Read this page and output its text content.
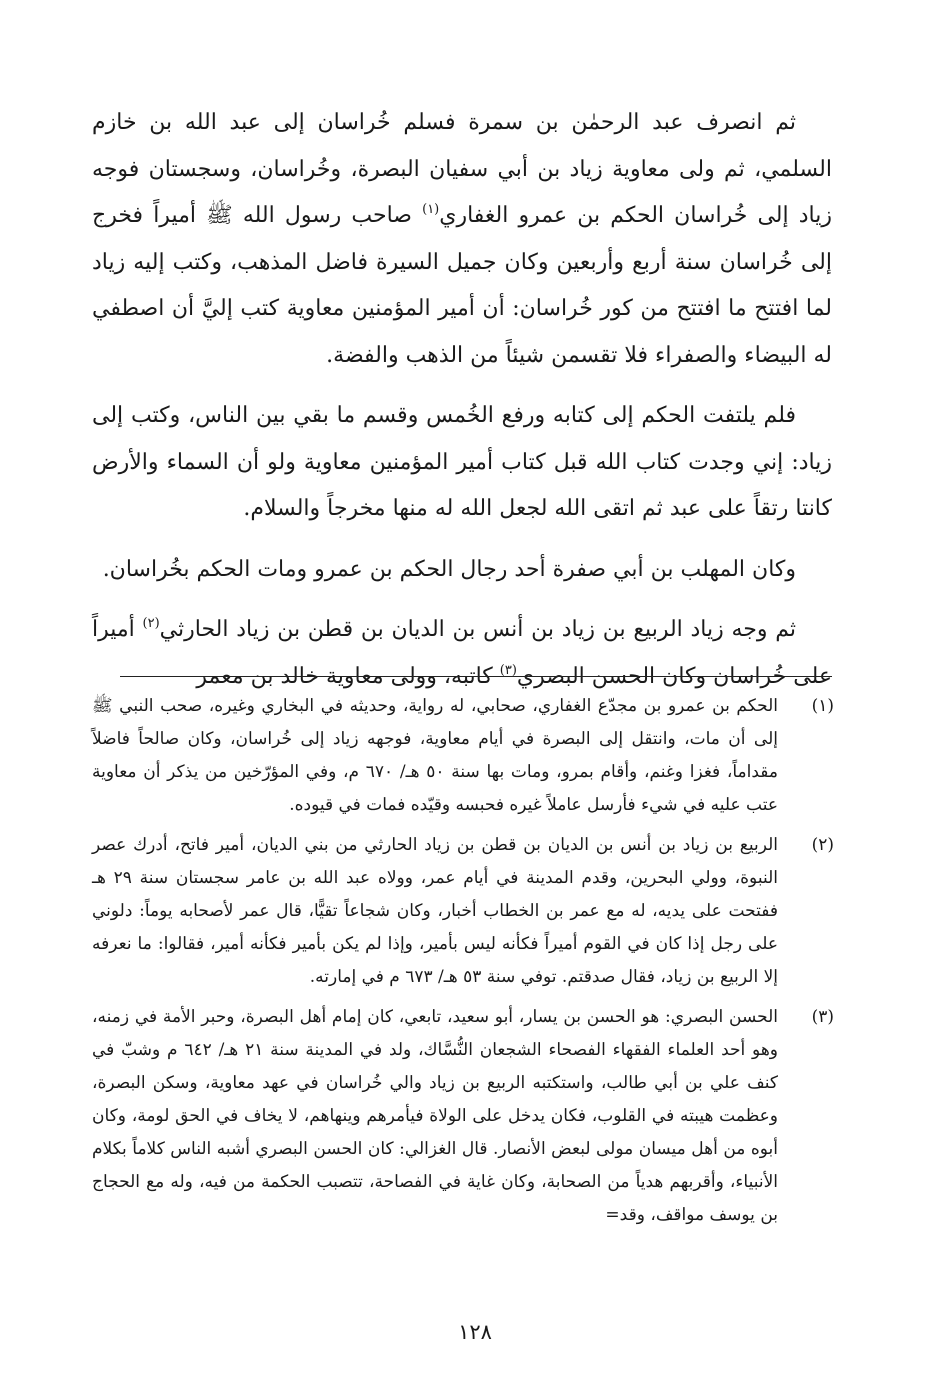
ثم انصرف عبد الرحمٰن بن سمرة فسلم خُراسان إلى عبد الله بن خازم السلمي، ثم ولى معاوية زياد بن أبي سفيان البصرة، وخُراسان، وسجستان فوجه زياد إلى خُراسان الحكم بن عمرو الغفاري$^{(١)}$ صاحب رسول الله ﷺ أميراً فخرج إلى خُراسان سنة أربع وأربعين وكان جميل السيرة فاضل المذهب، وكتب إليه زياد لما افتتح ما افتتح من كور خُراسان: أن أمير المؤمنين معاوية كتب إليَّ أن اصطفي له البيضاء والصفراء فلا تقسمن شيئاً من الذهب والفضة.

فلم يلتفت الحكم إلى كتابه ورفع الخُمس وقسم ما بقي بين الناس، وكتب إلى زياد: إني وجدت كتاب الله قبل كتاب أمير المؤمنين معاوية ولو أن السماء والأرض كانتا رتقاً على عبد ثم اتقى الله لجعل الله له منها مخرجاً والسلام.

وكان المهلب بن أبي صفرة أحد رجال الحكم بن عمرو ومات الحكم بخُراسان.

ثم وجه زياد الربيع بن زياد بن أنس بن الديان بن قطن بن زياد الحارثي$^{(٢)}$ أميراً على خُراسان وكان الحسن البصري$^{(٣)}$ كاتبه، وولى معاوية خالد بن معمر

(١)
الحكم بن عمرو بن مجدّع الغفاري، صحابي، له رواية، وحديثه في البخاري وغيره، صحب النبي ﷺ إلى أن مات، وانتقل إلى البصرة في أيام معاوية، فوجهه زياد إلى خُراسان، وكان صالحاً فاضلاً مقداماً، فغزا وغنم، وأقام بمرو، ومات بها سنة ٥٠ هـ/ ٦٧٠ م، وفي المؤرّخين من يذكر أن معاوية عتب عليه في شيء فأرسل عاملاً غيره فحبسه وقيّده فمات في قيوده.
(٢)
الربيع بن زياد بن أنس بن الديان بن قطن بن زياد الحارثي من بني الديان، أمير فاتح، أدرك عصر النبوة، وولي البحرين، وقدم المدينة في أيام عمر، وولاه عبد الله بن عامر سجستان سنة ٢٩ هـ ففتحت على يديه، له مع عمر بن الخطاب أخبار، وكان شجاعاً تقيًّا، قال عمر لأصحابه يوماً: دلوني على رجل إذا كان في القوم أميراً فكأنه ليس بأمير، وإذا لم يكن بأمير فكأنه أمير، فقالوا: ما نعرفه إلا الربيع بن زياد، فقال صدقتم. توفي سنة ٥٣ هـ/ ٦٧٣ م في إمارته.
(٣)
الحسن البصري: هو الحسن بن يسار، أبو سعيد، تابعي، كان إمام أهل البصرة، وحبر الأمة في زمنه، وهو أحد العلماء الفقهاء الفصحاء الشجعان النُّسَّاك، ولد في المدينة سنة ٢١ هـ/ ٦٤٢ م وشبّ في كنف علي بن أبي طالب، واستكتبه الربيع بن زياد والي خُراسان في عهد معاوية، وسكن البصرة، وعظمت هيبته في القلوب، فكان يدخل على الولاة فيأمرهم وينهاهم، لا يخاف في الحق لومة، وكان أبوه من أهل ميسان مولى لبعض الأنصار. قال الغزالي: كان الحسن البصري أشبه الناس كلاماً بكلام الأنبياء، وأقربهم هدياً من الصحابة، وكان غاية في الفصاحة، تتصبب الحكمة من فيه، وله مع الحجاج بن يوسف مواقف، وقد=
١٢٨
